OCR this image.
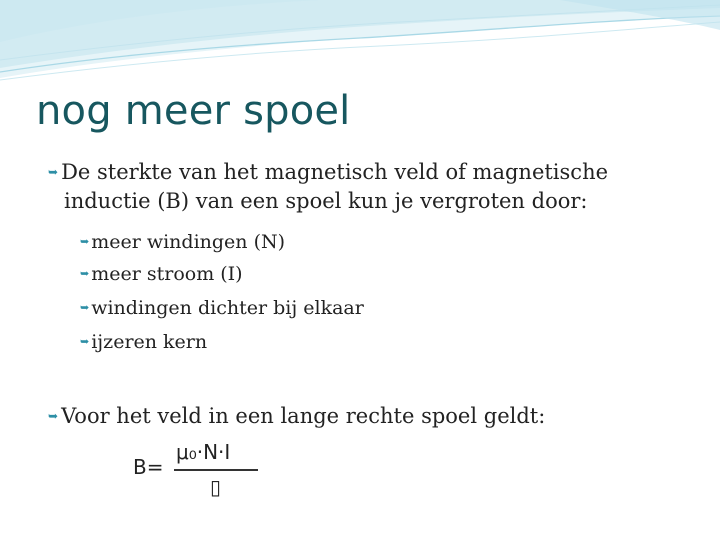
nog meer spoel
➥ De sterkte van het magnetisch veld of magnetische
inductie (B) van een spoel kun je vergroten door:
➥ meer windingen (N)
➥ meer stroom (I)
➥ windingen dichter bij elkaar
➥ ijzeren kern
➥ Voor het veld in een lange rechte spoel geldt:
B=
μ₀·N·I
▯
